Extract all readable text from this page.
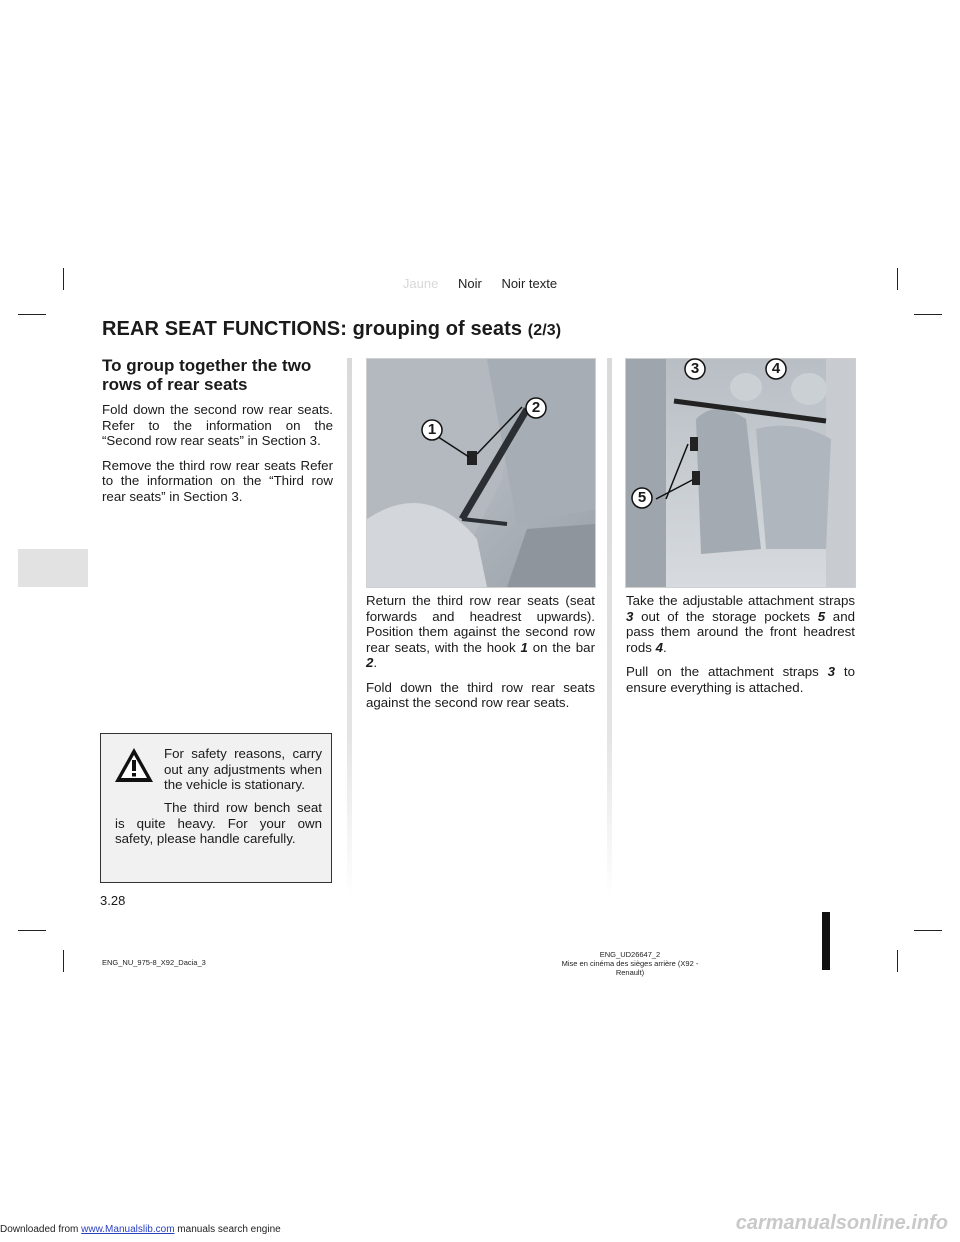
Jaune Noir Noir texte
REAR SEAT FUNCTIONS: grouping of seats (2/3)
To group together the two rows of rear seats

Fold down the second row rear seats. Refer to the information on the “Second row rear seats” in Section 3.

Remove the third row rear seats Refer to the information on the “Third row rear seats” in Section 3.

For safety reasons, carry out any adjustments when the vehicle is stationary.

The third row bench seat is quite heavy. For your own safety, please handle carefully.

3.28
1
2

Return the third row rear seats (seat forwards and headrest upwards). Position them against the second row rear seats, with the hook 1 on the bar 2.

Fold down the third row rear seats against the second row rear seats.

3	4
5

Take the adjustable attachment straps 3 out of the storage pockets 5 and pass them around the front headrest rods 4.

Pull on the attachment straps 3 to ensure everything is attached.

ENG_NU_975-8_X92_Dacia_3
ENG_UD26647_2
Mise en cinéma des sièges arrière (X92 - Renault)
Downloaded from www.Manualslib.com manuals search engine	carmanualsonline.info
